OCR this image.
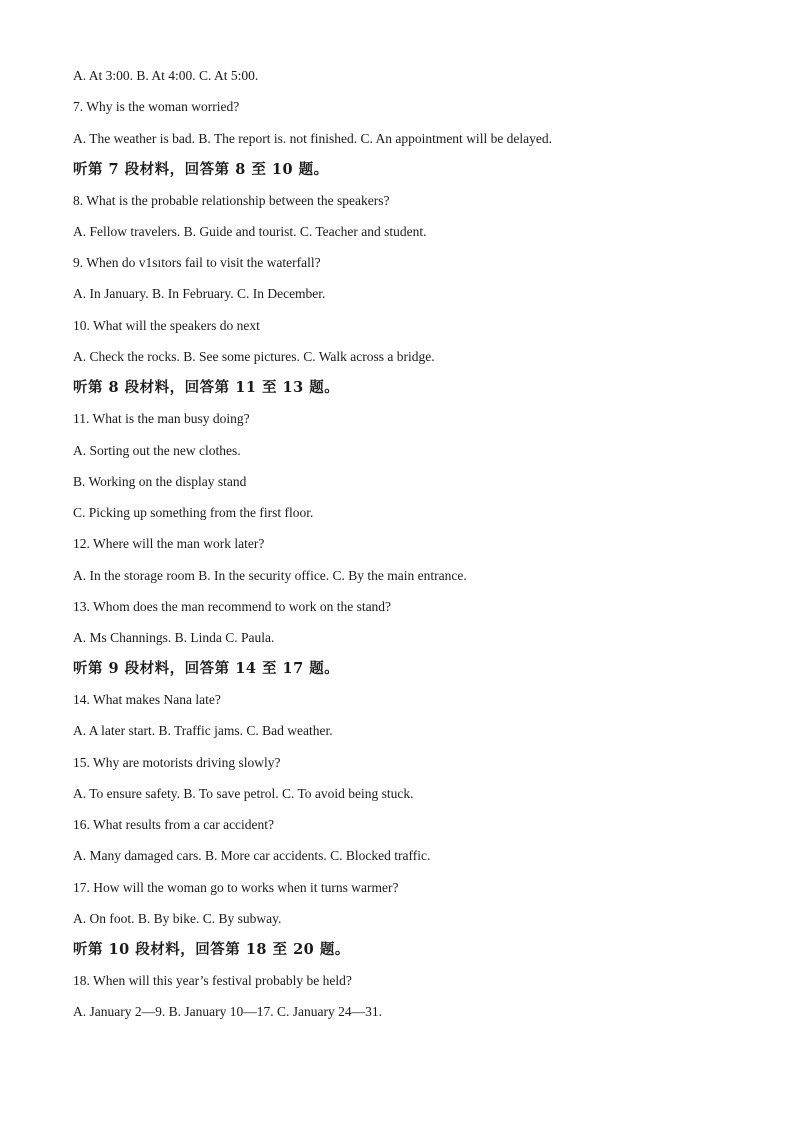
A. At 3:00. B. At 4:00. C. At 5:00.
7. Why is the woman worried?
A. The weather is bad. B. The report is. not finished. C. An appointment will be delayed.
听第 7 段材料，回答第 8 至 10 题。
8. What is the probable relationship between the speakers?
A. Fellow travelers. B. Guide and tourist. C. Teacher and student.
9. When do v1sıtors fail to visit the waterfall?
A. In January. B. In February. C. In December.
10. What will the speakers do next
A. Check the rocks. B. See some pictures. C. Walk across a bridge.
听第 8 段材料，回答第 11 至 13 题。
11. What is the man busy doing?
A. Sorting out the new clothes.
B. Working on the display stand
C. Picking up something from the first floor.
12. Where will the man work later?
A. In the storage room B. In the security office. C. By the main entrance.
13. Whom does the man recommend to work on the stand?
A. Ms Channings. B. Linda C. Paula.
听第 9 段材料，回答第 14 至 17 题。
14. What makes Nana late?
A. A later start. B. Traffic jams. C. Bad weather.
15. Why are motorists driving slowly?
A. To ensure safety. B. To save petrol. C. To avoid being stuck.
16. What results from a car accident?
A. Many damaged cars. B. More car accidents. C. Blocked traffic.
17. How will the woman go to works when it turns warmer?
A. On foot. B. By bike. C. By subway.
听第 10 段材料，回答第 18 至 20 题。
18. When will this year’s festival probably be held?
A. January 2—9. B. January 10—17. C. January 24—31.
